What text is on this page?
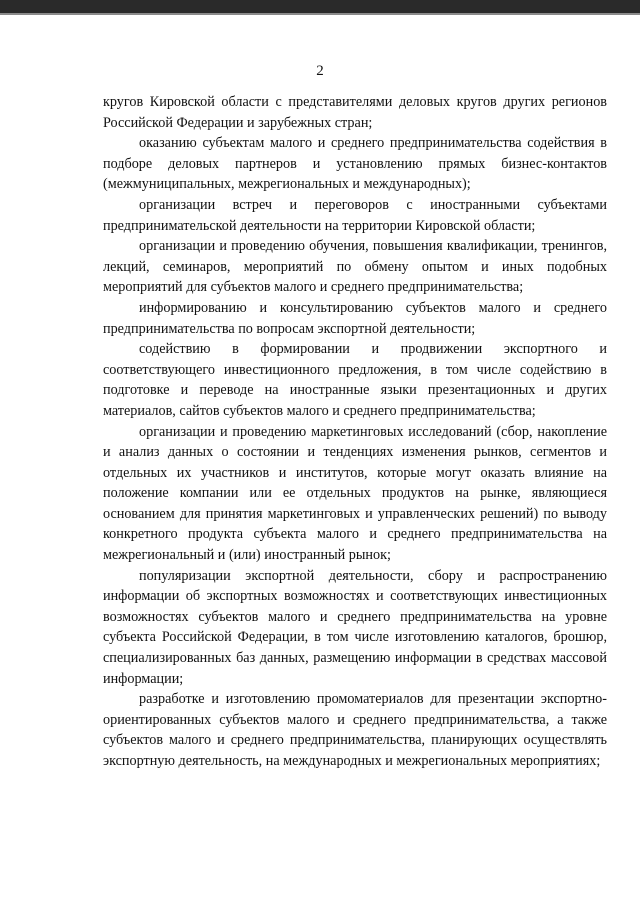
2

кругов Кировской области с представителями деловых кругов других регионов Российской Федерации и зарубежных стран;

оказанию субъектам малого и среднего предпринимательства содействия в подборе деловых партнеров и установлению прямых бизнес-контактов (межмуниципальных, межрегиональных и международных);

организации встреч и переговоров с иностранными субъектами предпринимательской деятельности на территории Кировской области;

организации и проведению обучения, повышения квалификации, тренингов, лекций, семинаров, мероприятий по обмену опытом и иных подобных мероприятий для субъектов малого и среднего предпринимательства;

информированию и консультированию субъектов малого и среднего предпринимательства по вопросам экспортной деятельности;

содействию в формировании и продвижении экспортного и соответствующего инвестиционного предложения, в том числе содействию в подготовке и переводе на иностранные языки презентационных и других материалов, сайтов субъектов малого и среднего предпринимательства;

организации и проведению маркетинговых исследований (сбор, накопление и анализ данных о состоянии и тенденциях изменения рынков, сегментов и отдельных их участников и институтов, которые могут оказать влияние на положение компании или ее отдельных продуктов на рынке, являющиеся основанием для принятия маркетинговых и управленческих решений) по выводу конкретного продукта субъекта малого и среднего предпринимательства на межрегиональный и (или) иностранный рынок;

популяризации экспортной деятельности, сбору и распространению информации об экспортных возможностях и соответствующих инвестиционных возможностях субъектов малого и среднего предпринимательства на уровне субъекта Российской Федерации, в том числе изготовлению каталогов, брошюр, специализированных баз данных, размещению информации в средствах массовой информации;

разработке и изготовлению промоматериалов для презентации экспортно-ориентированных субъектов малого и среднего предпринимательства, а также субъектов малого и среднего предпринимательства, планирующих осуществлять экспортную деятельность, на международных и межрегиональных мероприятиях;
